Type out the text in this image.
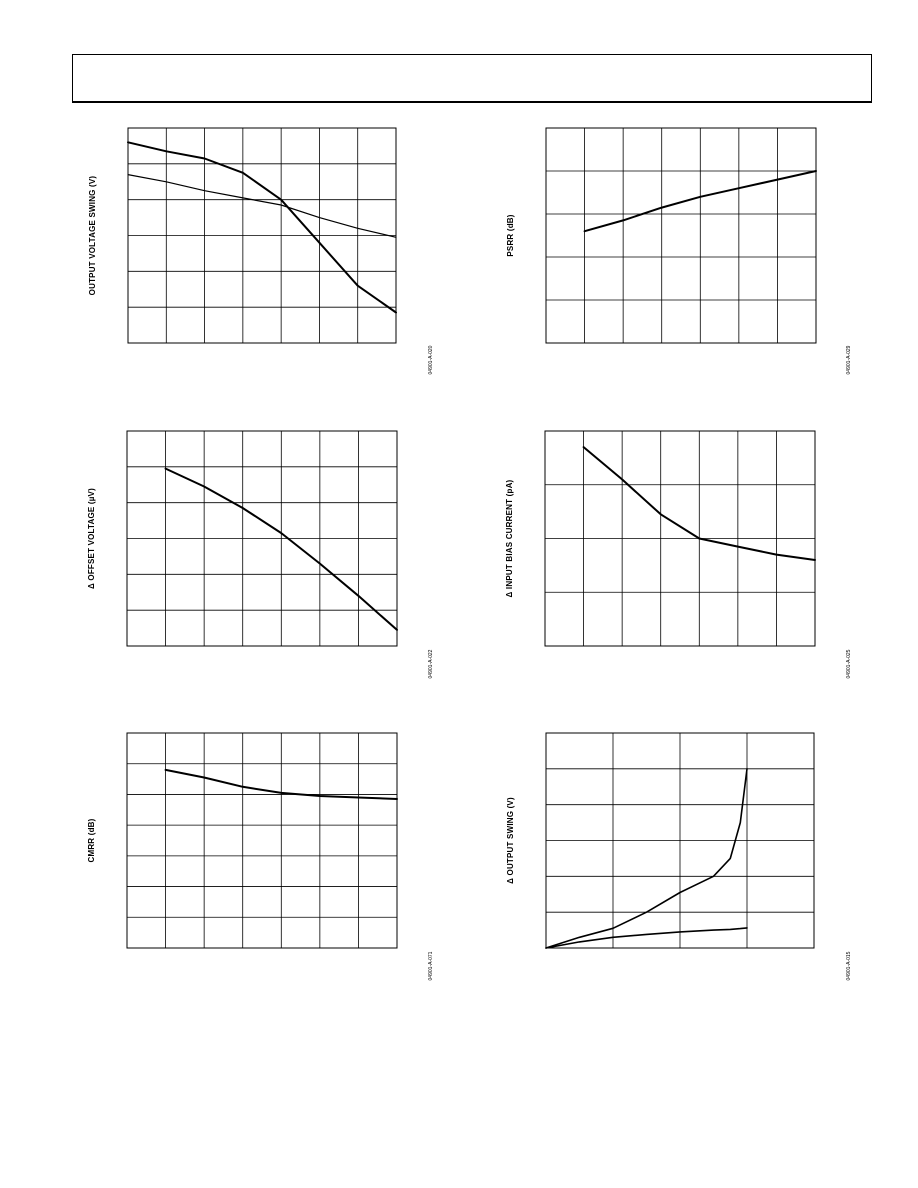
OUTPUT VOLTAGE SWING (V)
04901-A-020
PSRR (dB)
04901-A-029
Δ OFFSET VOLTAGE (µV)
04901-A-022
Δ INPUT BIAS CURRENT (pA)
04901-A-025
CMRR (dB)
04901-A-071
Δ OUTPUT SWING (V)
04901-A-015
